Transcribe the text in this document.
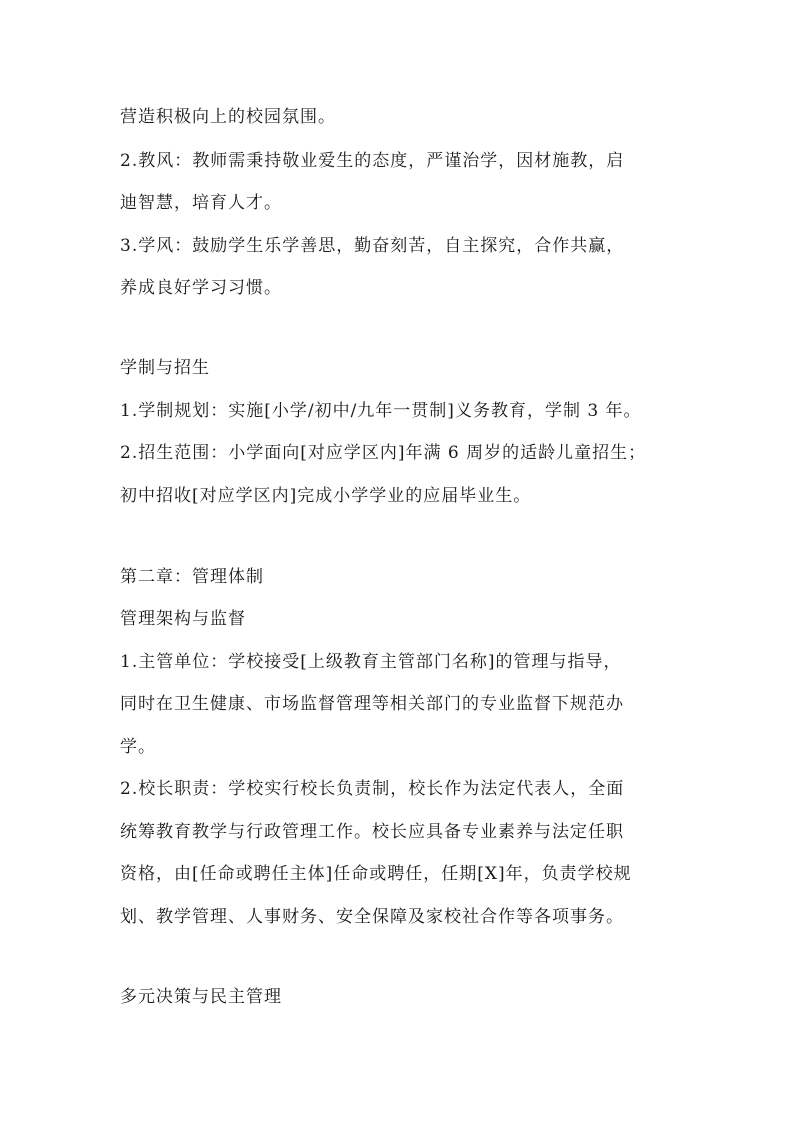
营造积极向上的校园氛围。
2.教风：教师需秉持敬业爱生的态度，严谨治学，因材施教，启
迪智慧，培育人才。
3.学风：鼓励学生乐学善思，勤奋刻苦，自主探究，合作共赢，
养成良好学习习惯。
学制与招生
1.学制规划：实施[小学/初中/九年一贯制]义务教育，学制 3 年。
2.招生范围：小学面向[对应学区内]年满 6 周岁的适龄儿童招生；
初中招收[对应学区内]完成小学学业的应届毕业生。
第二章：管理体制
管理架构与监督
1.主管单位：学校接受[上级教育主管部门名称]的管理与指导，
同时在卫生健康、市场监督管理等相关部门的专业监督下规范办
学。
2.校长职责：学校实行校长负责制，校长作为法定代表人，全面
统筹教育教学与行政管理工作。校长应具备专业素养与法定任职
资格，由[任命或聘任主体]任命或聘任，任期[X]年，负责学校规
划、教学管理、人事财务、安全保障及家校社合作等各项事务。
多元决策与民主管理
